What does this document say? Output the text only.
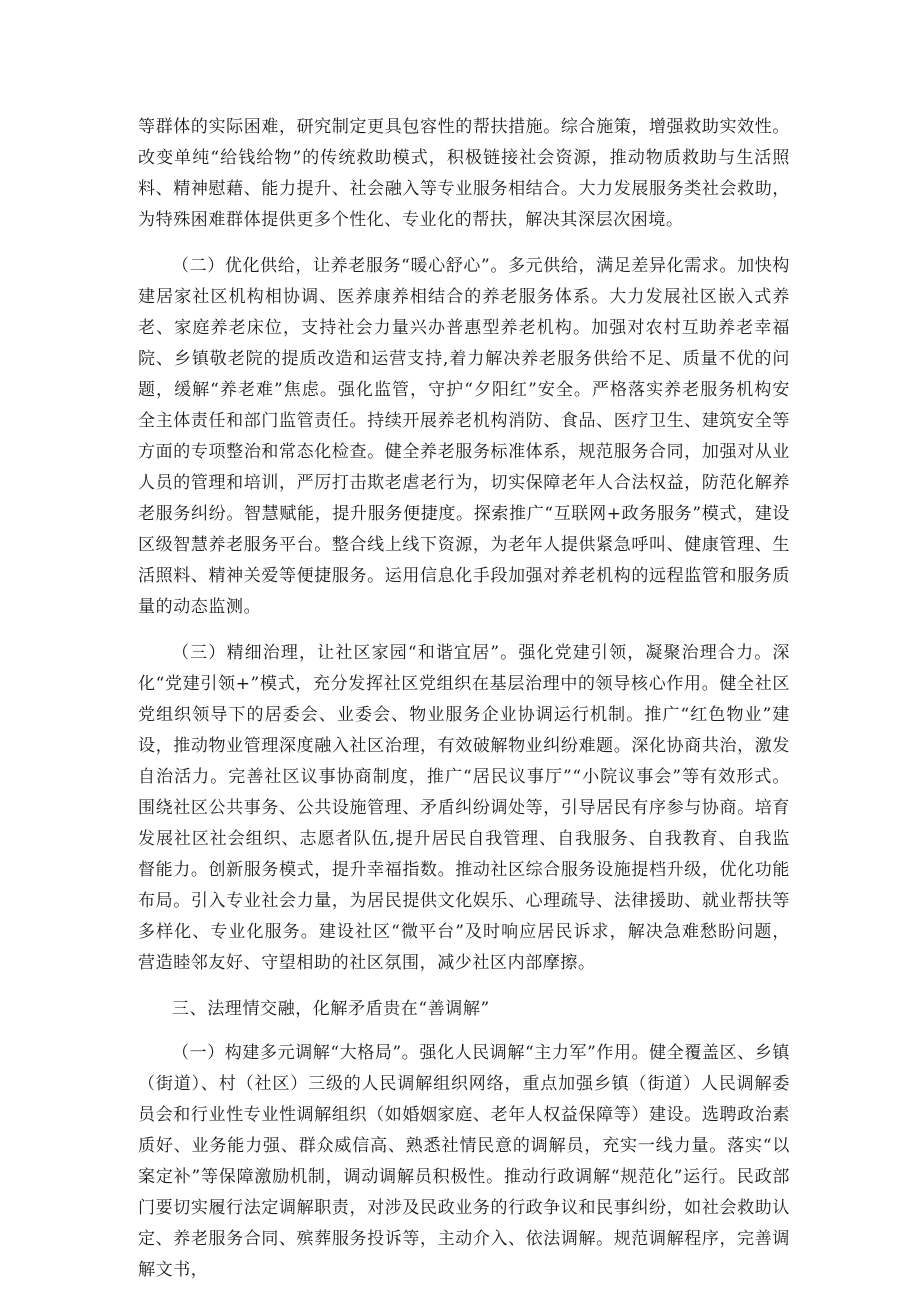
等群体的实际困难，研究制定更具包容性的帮扶措施。综合施策，增强救助实效性。改变单纯“给钱给物”的传统救助模式，积极链接社会资源，推动物质救助与生活照料、精神慰藉、能力提升、社会融入等专业服务相结合。大力发展服务类社会救助，为特殊困难群体提供更多个性化、专业化的帮扶，解决其深层次困境。

（二）优化供给，让养老服务“暖心舒心”。多元供给，满足差异化需求。加快构建居家社区机构相协调、医养康养相结合的养老服务体系。大力发展社区嵌入式养老、家庭养老床位，支持社会力量兴办普惠型养老机构。加强对农村互助养老幸福院、乡镇敬老院的提质改造和运营支持,着力解决养老服务供给不足、质量不优的问题，缓解“养老难”焦虑。强化监管，守护“夕阳红”安全。严格落实养老服务机构安全主体责任和部门监管责任。持续开展养老机构消防、食品、医疗卫生、建筑安全等方面的专项整治和常态化检查。健全养老服务标准体系，规范服务合同，加强对从业人员的管理和培训，严厉打击欺老虐老行为，切实保障老年人合法权益，防范化解养老服务纠纷。智慧赋能，提升服务便捷度。探索推广“互联网+政务服务”模式，建设区级智慧养老服务平台。整合线上线下资源，为老年人提供紧急呼叫、健康管理、生活照料、精神关爱等便捷服务。运用信息化手段加强对养老机构的远程监管和服务质量的动态监测。

（三）精细治理，让社区家园“和谐宜居”。强化党建引领，凝聚治理合力。深化“党建引领+”模式，充分发挥社区党组织在基层治理中的领导核心作用。健全社区党组织领导下的居委会、业委会、物业服务企业协调运行机制。推广“红色物业”建设，推动物业管理深度融入社区治理，有效破解物业纠纷难题。深化协商共治，激发自治活力。完善社区议事协商制度，推广“居民议事厅”“小院议事会”等有效形式。围绕社区公共事务、公共设施管理、矛盾纠纷调处等，引导居民有序参与协商。培育发展社区社会组织、志愿者队伍,提升居民自我管理、自我服务、自我教育、自我监督能力。创新服务模式，提升幸福指数。推动社区综合服务设施提档升级，优化功能布局。引入专业社会力量，为居民提供文化娱乐、心理疏导、法律援助、就业帮扶等多样化、专业化服务。建设社区“微平台”及时响应居民诉求，解决急难愁盼问题，营造睦邻友好、守望相助的社区氛围，减少社区内部摩擦。

三、法理情交融，化解矛盾贵在“善调解”

（一）构建多元调解“大格局”。强化人民调解“主力军”作用。健全覆盖区、乡镇（街道）、村（社区）三级的人民调解组织网络，重点加强乡镇（街道）人民调解委员会和行业性专业性调解组织（如婚姻家庭、老年人权益保障等）建设。选聘政治素质好、业务能力强、群众威信高、熟悉社情民意的调解员，充实一线力量。落实“以案定补”等保障激励机制，调动调解员积极性。推动行政调解“规范化”运行。民政部门要切实履行法定调解职责，对涉及民政业务的行政争议和民事纠纷，如社会救助认定、养老服务合同、殡葬服务投诉等，主动介入、依法调解。规范调解程序，完善调解文书，
